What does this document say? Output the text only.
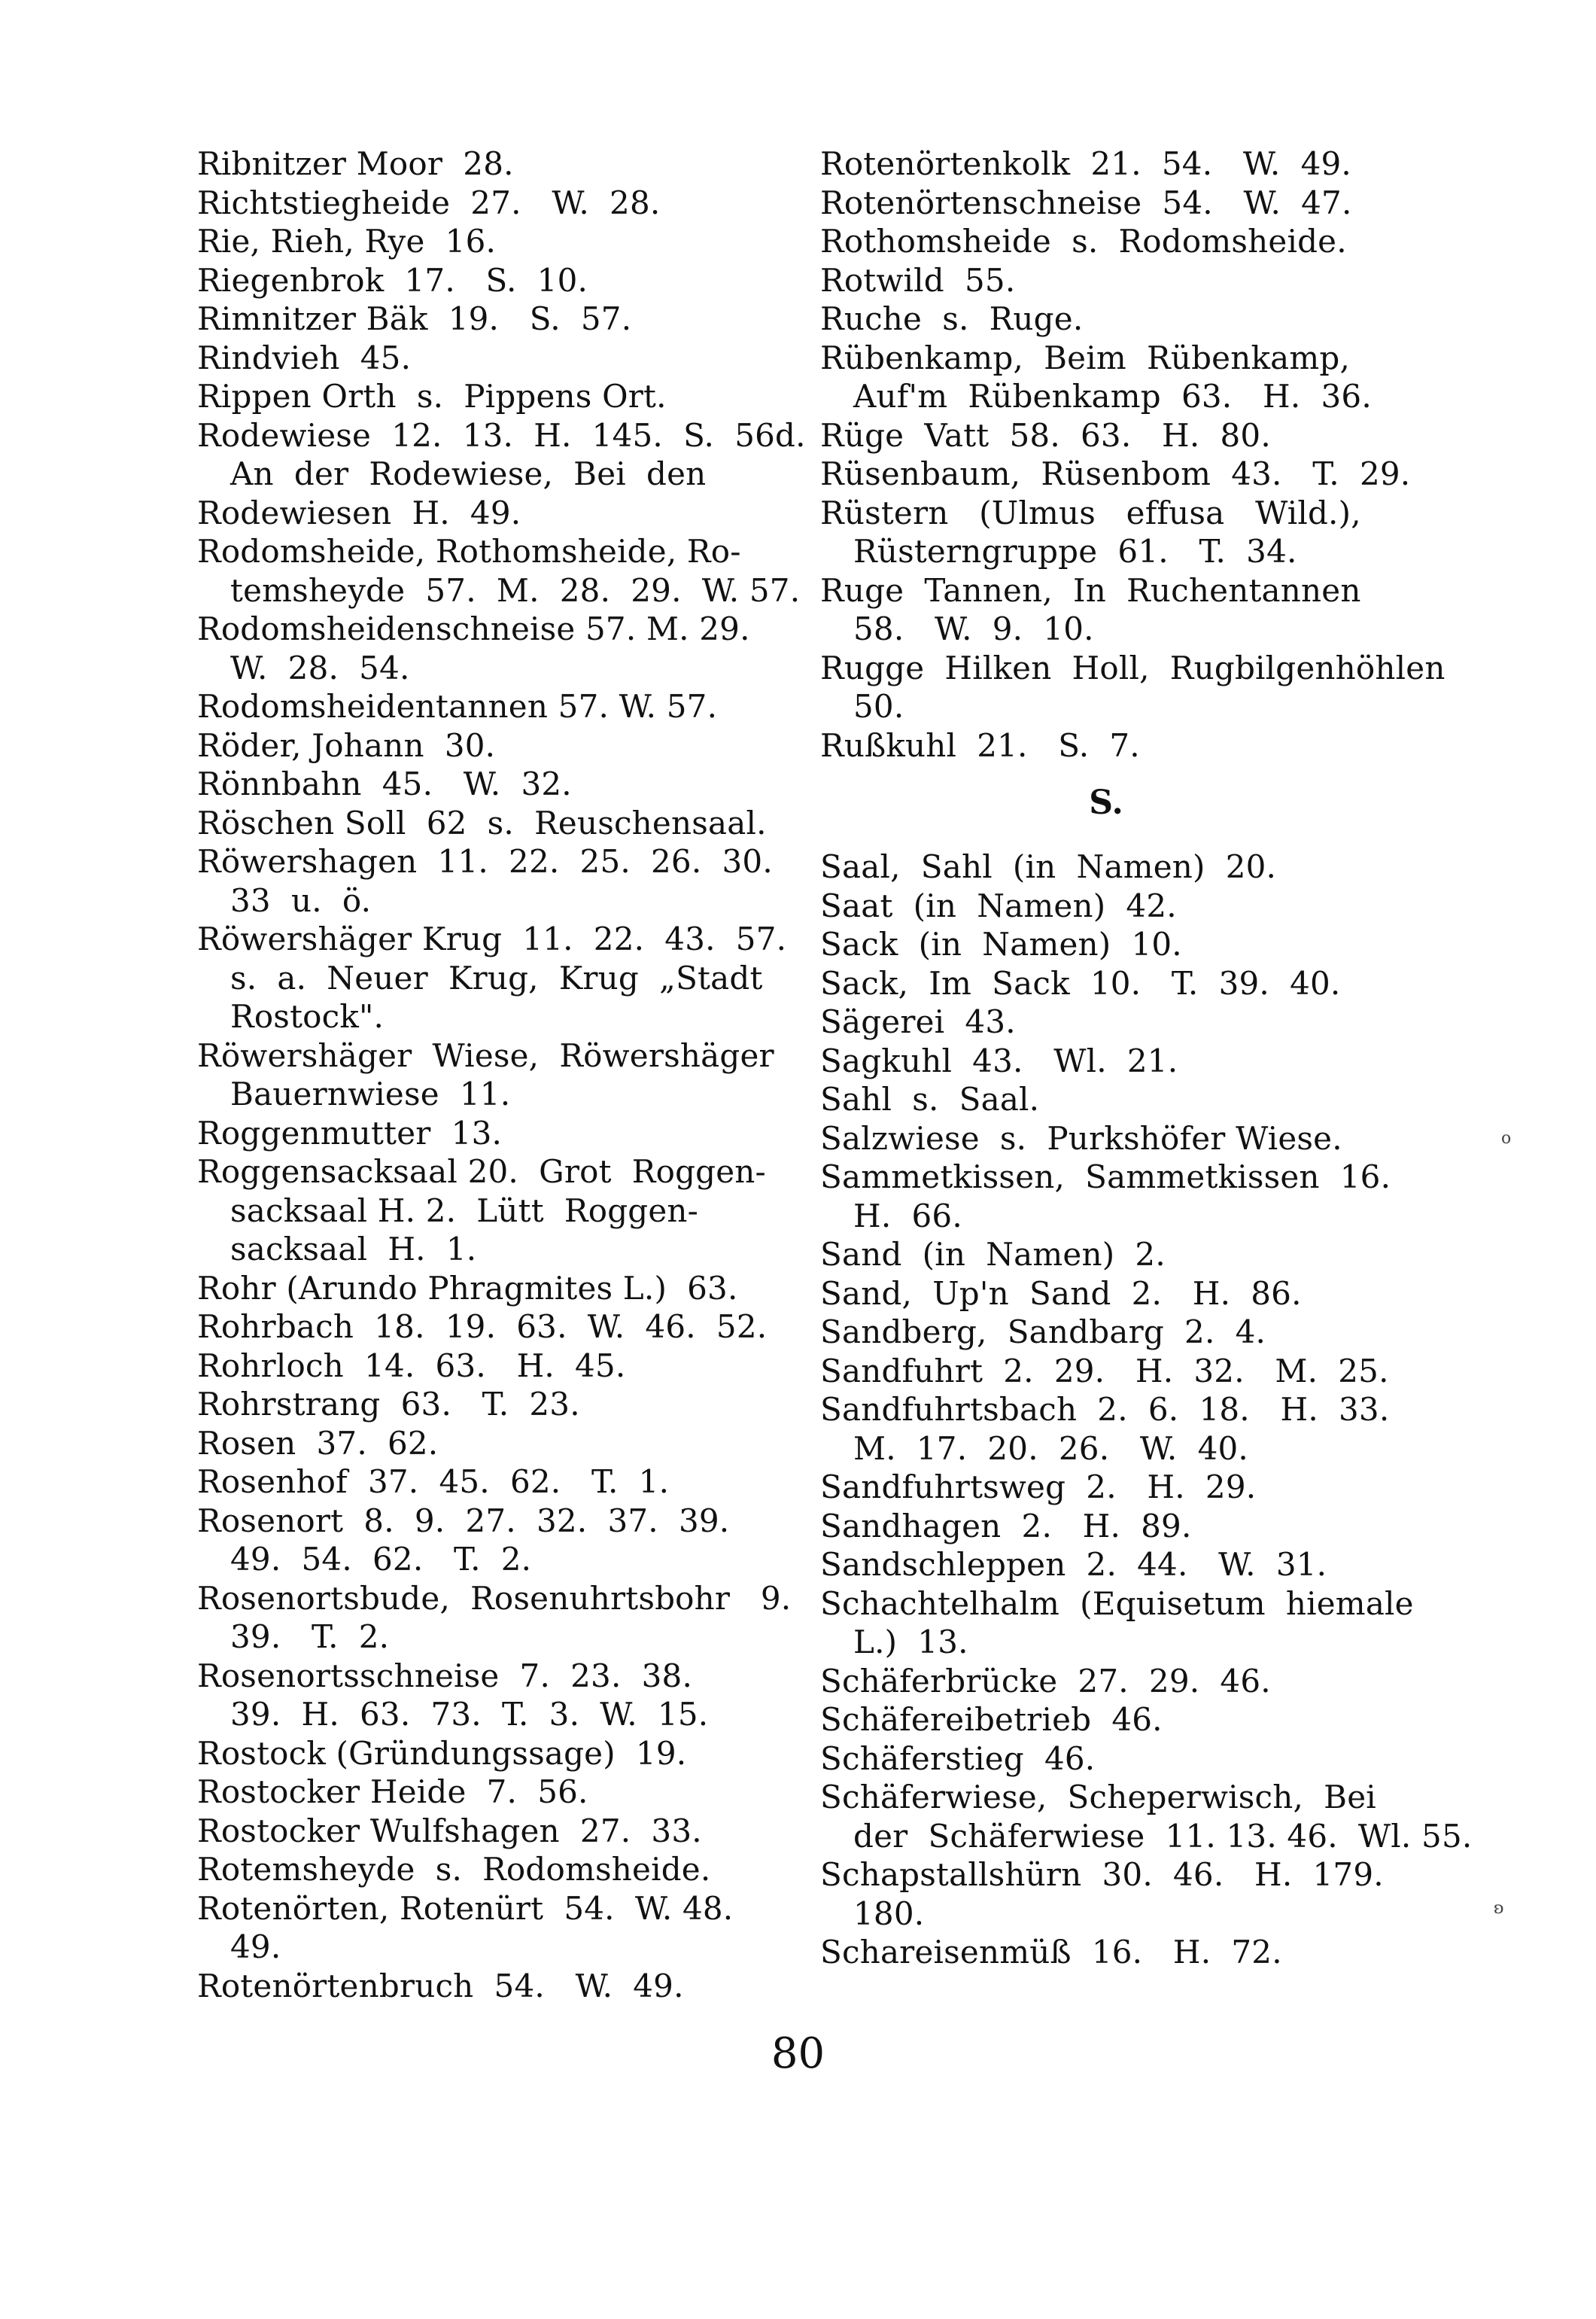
Ribnitzer Moor  28.
Richtstiegheide  27.   W.  28.
Rie, Rieh, Rye  16.
Riegenbrok  17.   S.  10.
Rimnitzer Bäk  19.   S.  57.
Rindvieh  45.
Rippen Orth  s.  Pippens Ort.
Rodewiese  12.  13.  H.  145.  S.  56d.
An  der  Rodewiese,  Bei  den
Rodewiesen  H.  49.
Rodomsheide, Rothomsheide, Ro-
temsheyde  57.  M.  28.  29.  W. 57.
Rodomsheidenschneise 57. M. 29.
W.  28.  54.
Rodomsheidentannen 57. W. 57.
Röder, Johann  30.
Rönnbahn  45.   W.  32.
Röschen Soll  62  s.  Reuschensaal.
Röwershagen  11.  22.  25.  26.  30.
33  u.  ö.
Röwershäger Krug  11.  22.  43.  57.
s.  a.  Neuer  Krug,  Krug  „Stadt
Rostock".
Röwershäger  Wiese,  Röwershäger
Bauernwiese  11.
Roggenmutter  13.
Roggensacksaal 20.  Grot  Roggen-
sacksaal H. 2.  Lütt  Roggen-
sacksaal  H.  1.
Rohr (Arundo Phragmites L.)  63.
Rohrbach  18.  19.  63.  W.  46.  52.
Rohrloch  14.  63.   H.  45.
Rohrstrang  63.   T.  23.
Rosen  37.  62.
Rosenhof  37.  45.  62.   T.  1.
Rosenort  8.  9.  27.  32.  37.  39.
49.  54.  62.   T.  2.
Rosenortsbude,  Rosenuhrtsbohr   9.
39.   T.  2.
Rosenortsschneise  7.  23.  38.
39.  H.  63.  73.  T.  3.  W.  15.
Rostock (Gründungssage)  19.
Rostocker Heide  7.  56.
Rostocker Wulfshagen  27.  33.
Rotemsheyde  s.  Rodomsheide.
Rotenörten, Rotenürt  54.  W. 48.
49.
Rotenörtenbruch  54.   W.  49.
Rotenörtenkolk  21.  54.   W.  49.
Rotenörtenschneise  54.   W.  47.
Rothomsheide  s.  Rodomsheide.
Rotwild  55.
Ruche  s.  Ruge.
Rübenkamp,  Beim  Rübenkamp,
Auf'm  Rübenkamp  63.   H.  36.
Rüge  Vatt  58.  63.   H.  80.
Rüsenbaum,  Rüsenbom  43.   T.  29.
Rüstern   (Ulmus   effusa   Wild.),
Rüsterngruppe  61.   T.  34.
Ruge  Tannen,  In  Ruchentannen
58.   W.  9.  10.
Rugge  Hilken  Holl,  Rugbilgenhöhlen
50.
Rußkuhl  21.   S.  7.
S.
Saal,  Sahl  (in  Namen)  20.
Saat  (in  Namen)  42.
Sack  (in  Namen)  10.
Sack,  Im  Sack  10.   T.  39.  40.
Sägerei  43.
Sagkuhl  43.   Wl.  21.
Sahl  s.  Saal.
Salzwiese  s.  Purkshöfer Wiese.
Sammetkissen,  Sammetkissen  16.
H.  66.
Sand  (in  Namen)  2.
Sand,  Up'n  Sand  2.   H.  86.
Sandberg,  Sandbarg  2.  4.
Sandfuhrt  2.  29.   H.  32.   M.  25.
Sandfuhrtsbach  2.  6.  18.   H.  33.
M.  17.  20.  26.   W.  40.
Sandfuhrtsweg  2.   H.  29.
Sandhagen  2.   H.  89.
Sandschleppen  2.  44.   W.  31.
Schachtelhalm  (Equisetum  hiemale
L.)  13.
Schäferbrücke  27.  29.  46.
Schäfereibetrieb  46.
Schäferstieg  46.
Schäferwiese,  Scheperwisch,  Bei
der  Schäferwiese  11. 13. 46.  Wl. 55.
Schapstallshürn  30.  46.   H.  179.
180.
Schareisenmüß  16.   H.  72.
o
ʚ
80
